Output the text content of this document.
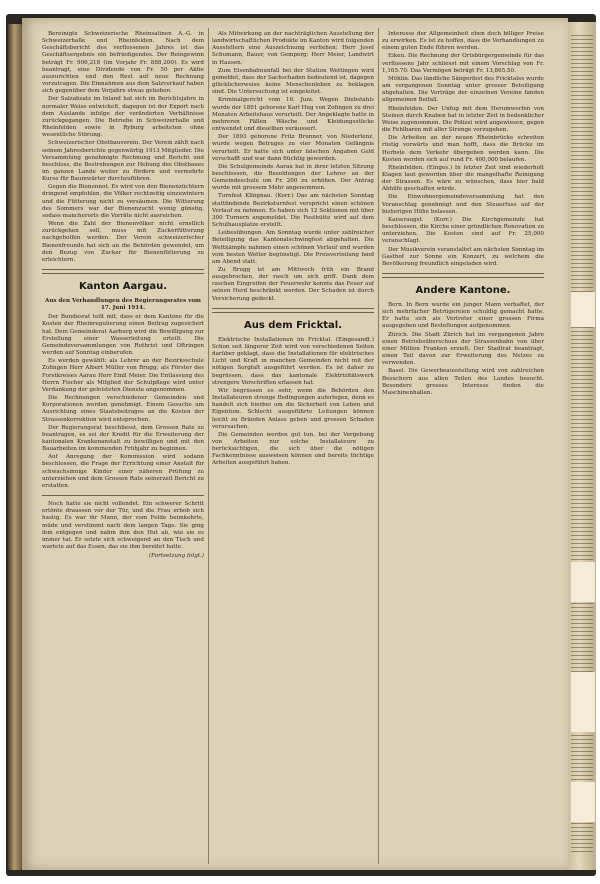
Bereinigte Schweizerische Rheinsalinen A.-G. in Schweizerhalle und Rheinfelden. Nach dem Geschäftsbericht des verflossenen Jahres ist das Geschäftsergebnis ein befriedigendes. Der Reingewinn beträgt Fr. 906,218 (im Vorjahr Fr. 888,200). Es wird beantragt, eine Dividende von Fr. 50 per Aktie auszurichten und den Rest auf neue Rechnung vorzutragen. Die Einnahmen aus dem Salzverkauf haben sich gegenüber dem Vorjahre etwas gehoben.

Der Salzabsatz im Inland hat sich im Berichtsjahre in normaler Weise entwickelt, dagegen ist der Export nach dem Auslande infolge der veränderten Verhältnisse zurückgegangen. Die Betriebe in Schweizerhalle und Rheinfelden sowie in Ryburg arbeiteten ohne wesentliche Störung.

Schweizerischer Obstbauverein. Der Verein zählt nach seinem Jahresberichte gegenwärtig 1913 Mitglieder. Die Versammlung genehmigte Rechnung und Bericht und beschloss, die Bestrebungen zur Hebung des Obstbaues im ganzen Lande weiter zu fördern und vermehrte Kurse für Baumwärter durchzuführen.

Gegen die Bienennot. Es wird von den Bienenzüchtern dringend empfohlen, die Völker rechtzeitig einzuwintern und die Fütterung nicht zu versäumen. Die Witterung des Sommers war der Bienenzucht wenig günstig, sodass mancherorts die Vorräte nicht ausreichen.

Wenn die Zahl der Bienenvölker nicht ernstlich zurückgehen soll, muss mit Zuckerfütterung nachgeholfen werden. Der Verein schweizerischer Bienenfreunde hat sich an die Behörden gewendet, um den Bezug von Zucker für Bienenfütterung zu erleichtern.

Kanton Aargau.

Aus den Verhandlungen des Regierungsrates vom 17. Juni 1914.

Der Bundesrat teilt mit, dass er dem Kantone für die Kosten der Rheinregulierung einen Beitrag zugesichert hat. Dem Gemeinderat Aarburg wird die Bewilligung zur Erstellung einer Wasserleitung erteilt. Die Gemeindeversammlungen von Rothrist und Oftringen werden auf Sonntag einberufen.

Es werden gewählt: als Lehrer an der Bezirksschule Zofingen Herr Albert Müller von Brugg; als Förster des Forstkreises Aarau Herr Emil Meier. Die Entlassung des Herrn Fischer als Mitglied der Schulpflege wird unter Verdankung der geleisteten Dienste angenommen.

Die Rechnungen verschiedener Gemeinden und Korporationen werden genehmigt. Einem Gesuche um Ausrichtung eines Staatsbeitrages an die Kosten der Strassenkorrektion wird entsprochen.

Der Regierungsrat beschliesst, dem Grossen Rate zu beantragen, es sei der Kredit für die Erweiterung der kantonalen Krankenanstalt zu bewilligen und mit den Bauarbeiten im kommenden Frühjahr zu beginnen.

Auf Anregung der Kommission wird sodann beschlossen, die Frage der Errichtung einer Anstalt für schwachsinnige Kinder einer näheren Prüfung zu unterziehen und dem Grossen Rate seinerzeit Bericht zu erstatten.

Noch hatte sie nicht vollendet. Ein schwerer Schritt ertönte draussen vor der Tür, und die Frau erhob sich hastig. Es war ihr Mann, der vom Felde heimkehrte, müde und verstimmt nach dem langen Tage. Sie ging ihm entgegen und nahm ihm den Hut ab, wie sie es immer tat. Er setzte sich schweigend an den Tisch und wartete auf das Essen, das sie ihm bereitet hatte.

(Fortsetzung folgt.)

Als Mitwirkung an der nachträglichen Ausstellung der landwirtschaftlichen Produkte im Kanton wird folgenden Ausstellern eine Auszeichnung verliehen: Herr Josef Schumann, Bauer, von Gemperg; Herr Meier, Landwirt in Hausen.

Zum Eisenbahnunfall bei der Station Wettingen wird gemeldet, dass der Sachschaden bedeutend ist, dagegen glücklicherweise keine Menschenleben zu beklagen sind. Die Untersuchung ist eingeleitet.

Kriminalgericht vom 16. Juni. Wegen Diebstahls wurde der 1891 geborene Karl Hug von Zofingen zu drei Monaten Arbeitshaus verurteilt. Der Angeklagte hatte in mehreren Fällen Wäsche und Kleidungsstücke entwendet und dieselben veräussert.

Der 1893 geborene Fritz Brunner, von Niederlenz, wurde wegen Betruges zu vier Monaten Gefängnis verurteilt. Er hatte sich unter falschen Angaben Geld verschafft und war dann flüchtig geworden.

Die Schulgemeinde Aarau hat in ihrer letzten Sitzung beschlossen, die Besoldungen der Lehrer an der Gemeindeschule um Fr. 200 zu erhöhen. Der Antrag wurde mit grossem Mehr angenommen.

Turnfest Klingnau. (Korr.) Das am nächsten Sonntag stattfindende Bezirksturnfest verspricht einen schönen Verlauf zu nehmen. Es haben sich 12 Sektionen mit über 300 Turnern angemeldet. Die Festhütte wird auf dem Schulhausplatze erstellt.

Leibesübungen. Am Sonntag wurde unter zahlreicher Beteiligung das Kantonalschwingfest abgehalten. Die Wettkämpfe nahmen einen schönen Verlauf und wurden vom besten Wetter begünstigt. Die Preisverteilung fand am Abend statt.

Zu Brugg ist am Mittwoch früh ein Brand ausgebrochen, der rasch um sich griff. Dank dem raschen Eingreifen der Feuerwehr konnte das Feuer auf seinen Herd beschränkt werden. Der Schaden ist durch Versicherung gedeckt.

Aus dem Fricktal.

Elektrische Installationen im Fricktal. (Eingesandt.) Schon seit längerer Zeit wird von verschiedenen Seiten darüber geklagt, dass die Installationen für elektrisches Licht und Kraft in manchen Gemeinden nicht mit der nötigen Sorgfalt ausgeführt werden. Es ist daher zu begrüssen, dass das kantonale Elektrizitätswerk strengere Vorschriften erlassen hat.

Wir begrüssen es sehr, wenn die Behörden den Installateuren strenge Bedingungen auferlegen, denn es handelt sich hierbei um die Sicherheit von Leben und Eigentum. Schlecht ausgeführte Leitungen können leicht zu Bränden Anlass geben und grossen Schaden verursachen.

Die Gemeinden werden gut tun, bei der Vergebung von Arbeiten nur solche Installateure zu berücksichtigen, die sich über die nötigen Fachkenntnisse ausweisen können und bereits tüchtige Arbeiten ausgeführt haben.

Interesse der Allgemeinheit eben doch billiger Preise zu erwirken. Es ist zu hoffen, dass die Verhandlungen zu einem guten Ende führen werden.

Eiken. Die Rechnung der Ortsbürgergemeinde für das verflossene Jahr schliesst mit einem Vorschlag von Fr. 1,165.70. Das Vermögen beträgt Fr. 13,865.50.

Möhlin. Das ländliche Sängerfest des Fricktales wurde am vergangenen Sonntag unter grosser Beteiligung abgehalten. Die Vorträge der einzelnen Vereine fanden allgemeinen Beifall.

Rheinfelden. Der Unfug mit dem Herumwerfen von Steinen durch Knaben hat in letzter Zeit in bedenklicher Weise zugenommen. Die Polizei wird angewiesen, gegen die Fehlbaren mit aller Strenge vorzugehen.

Die Arbeiten an der neuen Rheinbrücke schreiten rüstig vorwärts und man hofft, dass die Brücke im Herbste dem Verkehr übergeben werden kann. Die Kosten werden sich auf rund Fr. 400,000 belaufen.

Rheinfelden. (Einges.) In letzter Zeit sind wiederholt Klagen laut geworden über die mangelhafte Reinigung der Strassen. Es wäre zu wünschen, dass hier bald Abhilfe geschaffen würde.

Die Einwohnergemeindeversammlung hat den Voranschlag genehmigt und den Steuerfuss auf der bisherigen Höhe belassen.

Kaiseraugst. (Korr.) Die Kirchgemeinde hat beschlossen, die Kirche einer gründlichen Renovation zu unterziehen. Die Kosten sind auf Fr. 25,000 veranschlagt.

Der Musikverein veranstaltet am nächsten Sonntag im Gasthof zur Sonne ein Konzert, zu welchem die Bevölkerung freundlich eingeladen wird.

Andere Kantone.

Bern. In Bern wurde ein junger Mann verhaftet, der sich mehrfacher Betrügereien schuldig gemacht hatte. Er hatte sich als Vertreter einer grossen Firma ausgegeben und Bestellungen aufgenommen.

Zürich. Die Stadt Zürich hat im vergangenen Jahre einen Betriebsüberschuss der Strassenbahn von über einer Million Franken erzielt. Der Stadtrat beantragt, einen Teil davon zur Erweiterung des Netzes zu verwenden.

Basel. Die Gewerbeausstellung wird von zahlreichen Besuchern aus allen Teilen des Landes besucht. Besonders grosses Interesse finden die Maschinenhallen.
